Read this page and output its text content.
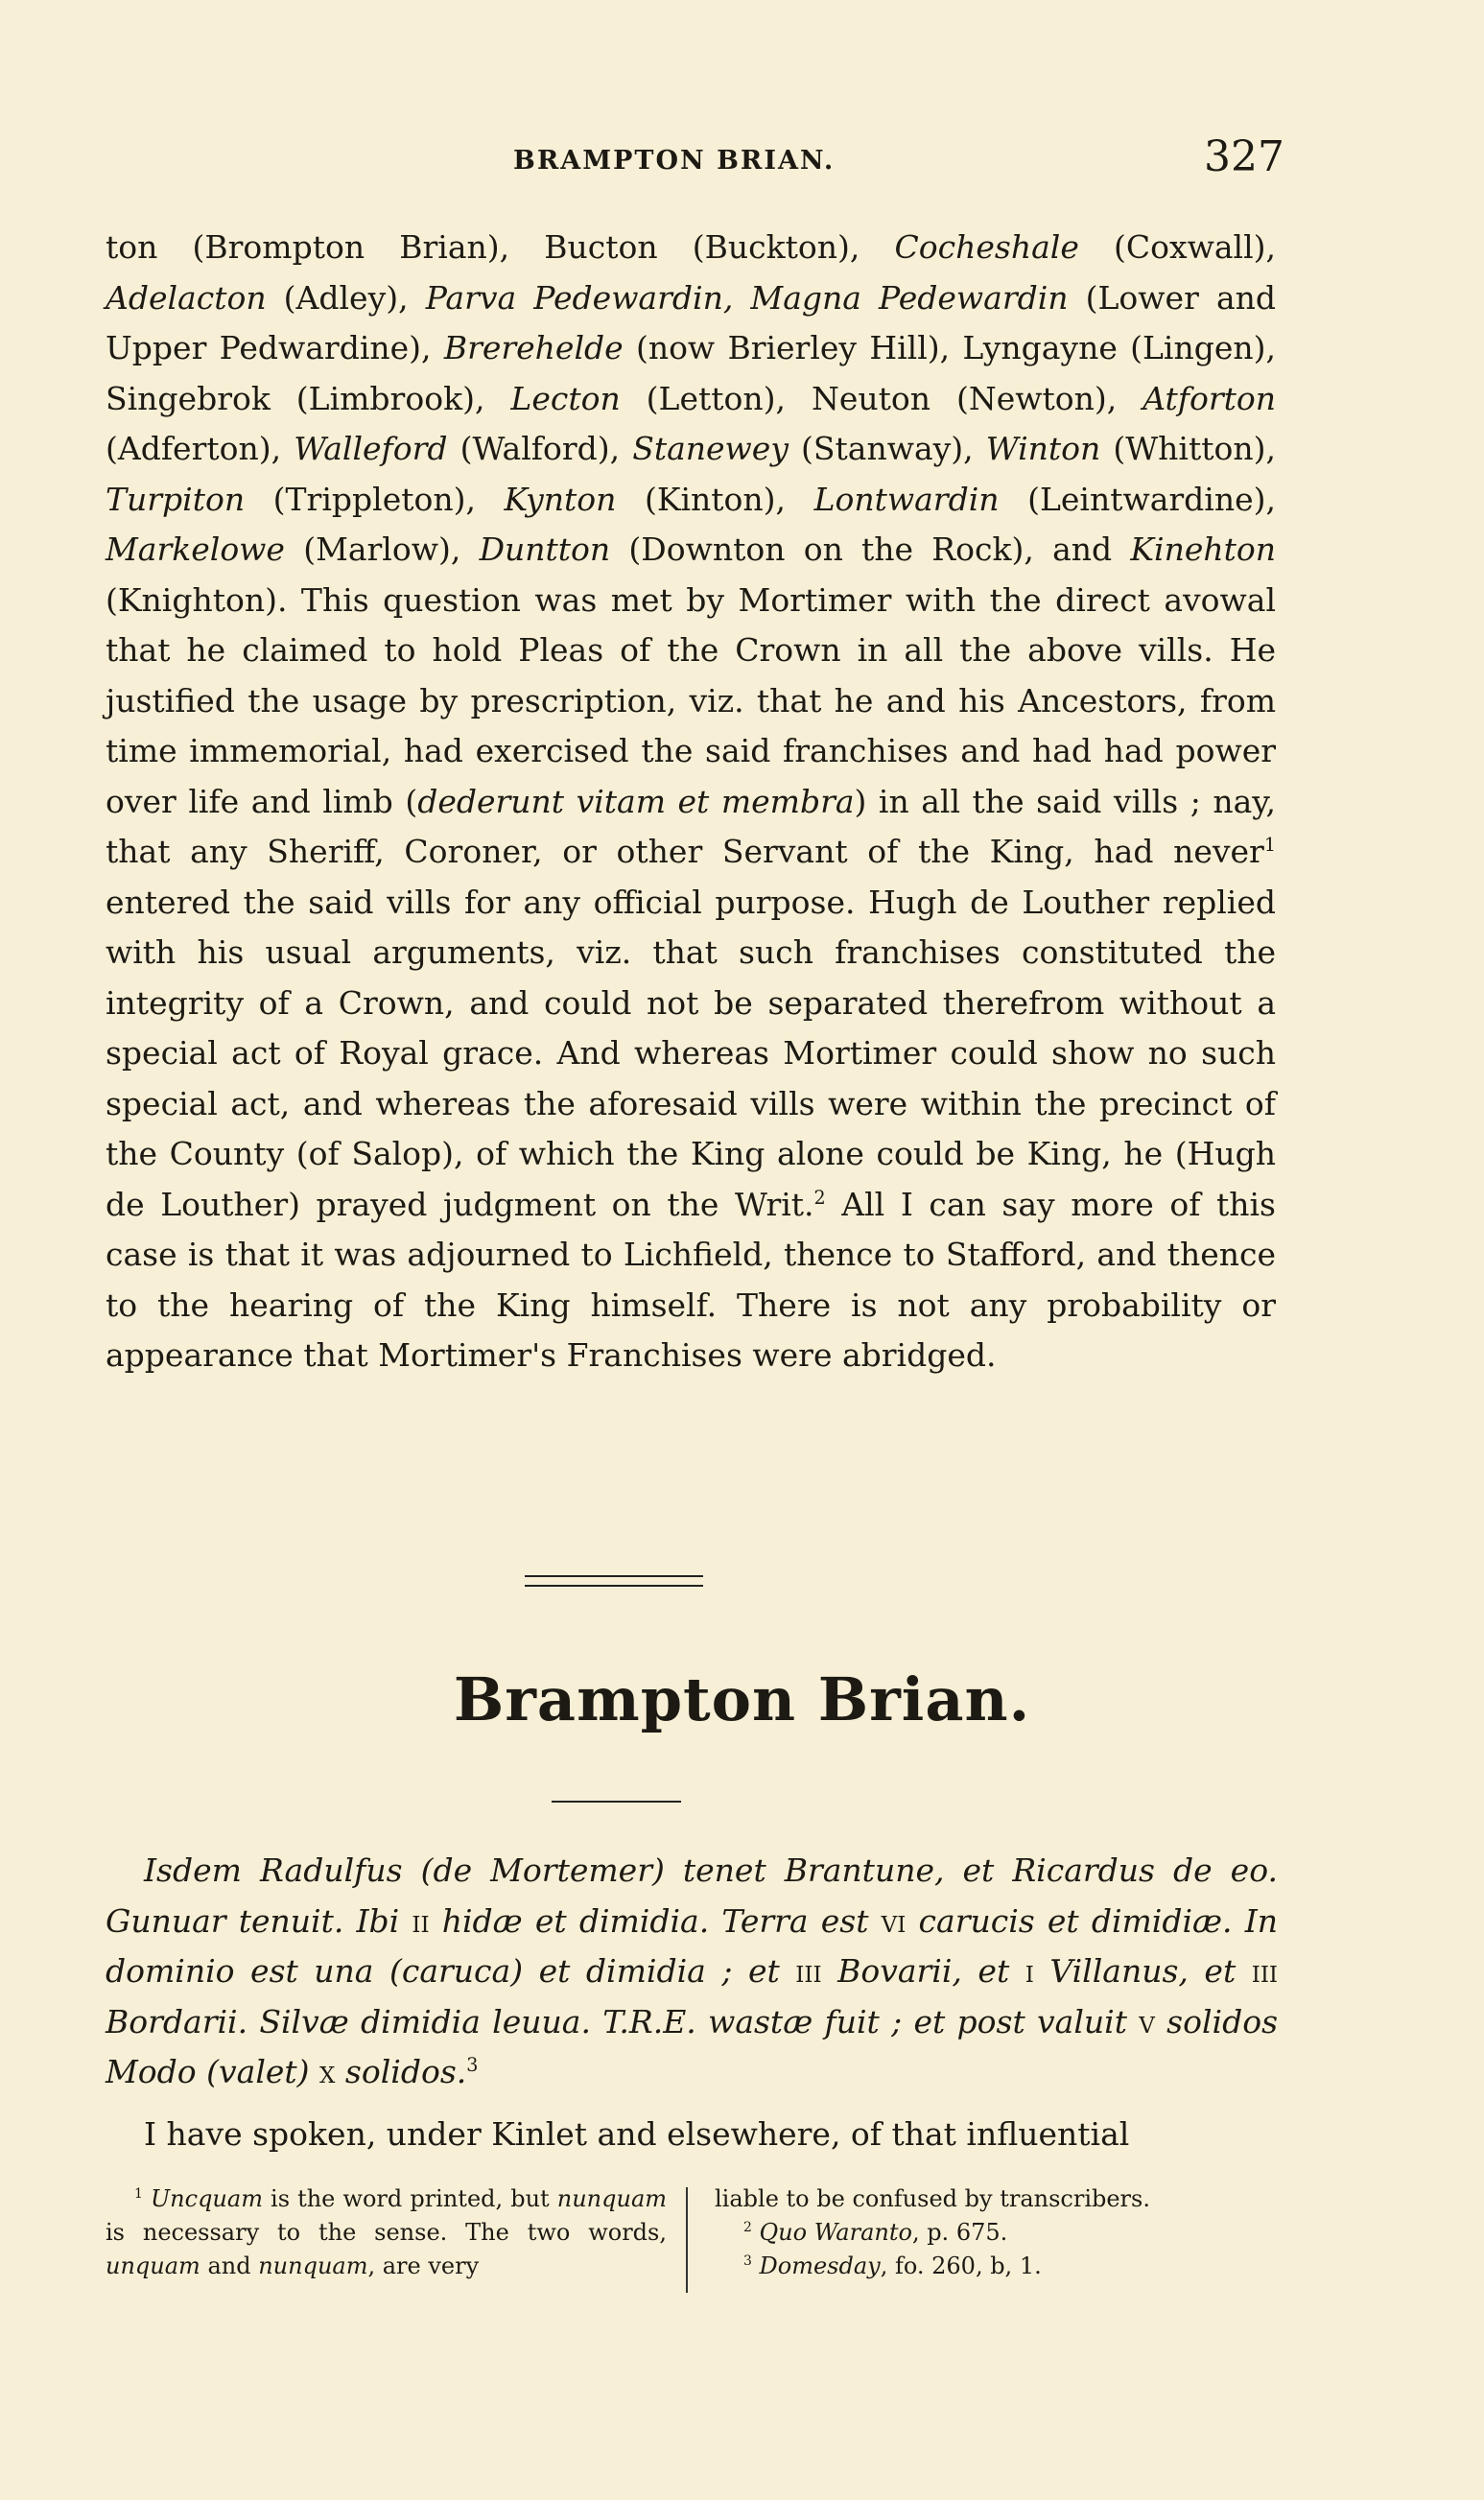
BRAMPTON BRIAN.	327

ton (Brompton Brian), Bucton (Buckton), Cocheshale (Coxwall), Adelacton (Adley), Parva Pedewardin, Magna Pedewardin (Lower and Upper Pedwardine), Brerehelde (now Brierley Hill), Lyngayne (Lingen), Singebrok (Limbrook), Lecton (Letton), Neuton (Newton), Atforton (Adferton), Walleford (Walford), Stanewey (Stanway), Winton (Whitton), Turpiton (Trippleton), Kynton (Kinton), Lontwardin (Leintwardine), Markelowe (Marlow), Duntton (Downton on the Rock), and Kinehton (Knighton). This question was met by Mortimer with the direct avowal that he claimed to hold Pleas of the Crown in all the above vills. He justified the usage by prescription, viz. that he and his Ancestors, from time immemorial, had exercised the said franchises and had had power over life and limb (dederunt vitam et membra) in all the said vills ; nay, that any Sheriff, Coroner, or other Servant of the King, had never$^1$ entered the said vills for any official purpose. Hugh de Louther replied with his usual arguments, viz. that such franchises constituted the integrity of a Crown, and could not be separated therefrom without a special act of Royal grace. And whereas Mortimer could show no such special act, and whereas the aforesaid vills were within the precinct of the County (of Salop), of which the King alone could be King, he (Hugh de Louther) prayed judgment on the Writ.$^2$ All I can say more of this case is that it was adjourned to Lichfield, thence to Stafford, and thence to the hearing of the King himself. There is not any probability or appearance that Mortimer's Franchises were abridged.

Brampton Brian.

Isdem Radulfus (de Mortemer) tenet Brantune, et Ricardus de eo. Gunuar tenuit. Ibi ii hidæ et dimidia. Terra est vi carucis et dimidiæ. In dominio est una (caruca) et dimidia ; et iii Bovarii, et i Villanus, et iii Bordarii. Silvæ dimidia leuua. T.R.E. wastæ fuit ; et post valuit v solidos Modo (valet) x solidos.$^3$

I have spoken, under Kinlet and elsewhere, of that influential

$^1$ Uncquam is the word printed, but nunquam is necessary to the sense. The two words, unquam and nunquam, are very

liable to be confused by transcribers.

$^2$ Quo Waranto, p. 675.

$^3$ Domesday, fo. 260, b, 1.
